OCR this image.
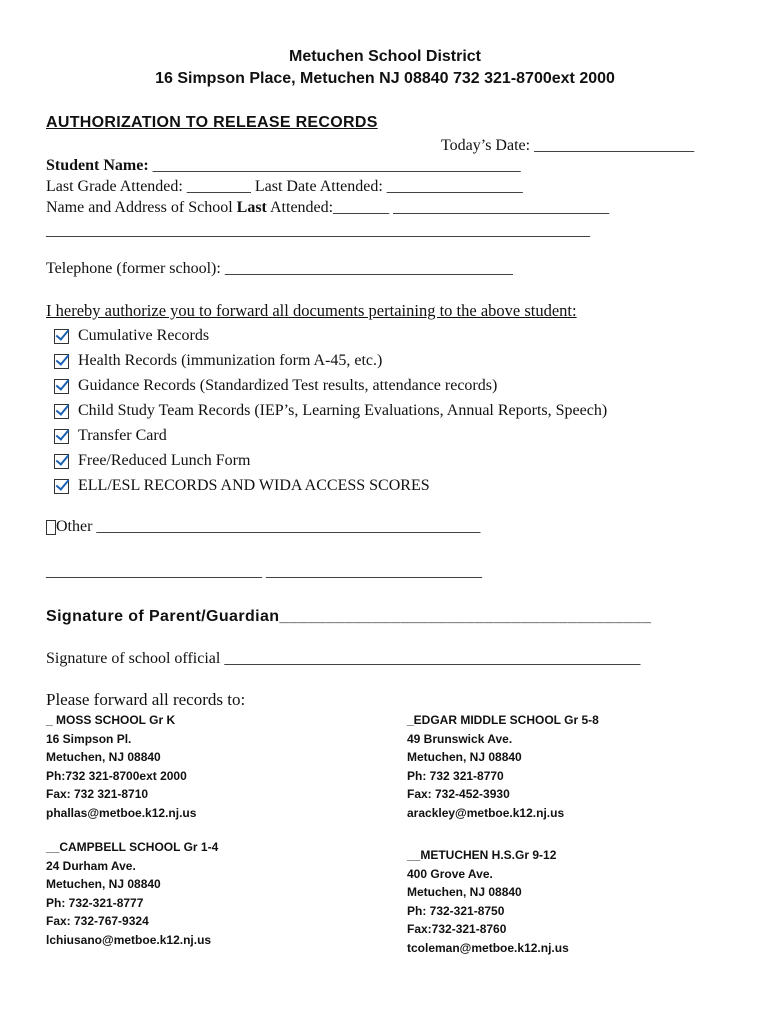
Metuchen School District
16 Simpson Place, Metuchen NJ 08840 732 321-8700ext 2000
AUTHORIZATION TO RELEASE RECORDS
Today’s Date: ____________________
Student Name: ______________________________________________
Last Grade Attended: ________ Last Date Attended: _________________
Name and Address of School Last Attended:_______ ___________________________
____________________________________________________________________
Telephone (former school): ____________________________________
I hereby authorize you to forward all documents pertaining to the above student:
Cumulative Records
Health Records (immunization form A-45, etc.)
Guidance Records (Standardized Test results, attendance records)
Child Study Team Records (IEP’s, Learning Evaluations, Annual Reports, Speech)
Transfer Card
Free/Reduced Lunch Form
ELL/ESL RECORDS AND WIDA ACCESS SCORES
Other ________________________________________________
___________________________ ___________________________
Signature of Parent/Guardian________________________________________
Signature of school official ____________________________________________________
Please forward all records to:
_ MOSS SCHOOL Gr K
16 Simpson Pl.
Metuchen, NJ 08840
Ph:732 321-8700ext 2000
Fax: 732 321-8710
phallas@metboe.k12.nj.us
__CAMPBELL SCHOOL Gr 1-4
24 Durham Ave.
Metuchen, NJ 08840
Ph: 732-321-8777
Fax: 732-767-9324
lchiusano@metboe.k12.nj.us
_EDGAR MIDDLE SCHOOL Gr 5-8
49 Brunswick Ave.
Metuchen, NJ 08840
Ph: 732 321-8770
Fax: 732-452-3930
arackley@metboe.k12.nj.us
__METUCHEN H.S.Gr 9-12
400 Grove Ave.
Metuchen, NJ 08840
Ph: 732-321-8750
Fax:732-321-8760
tcoleman@metboe.k12.nj.us
